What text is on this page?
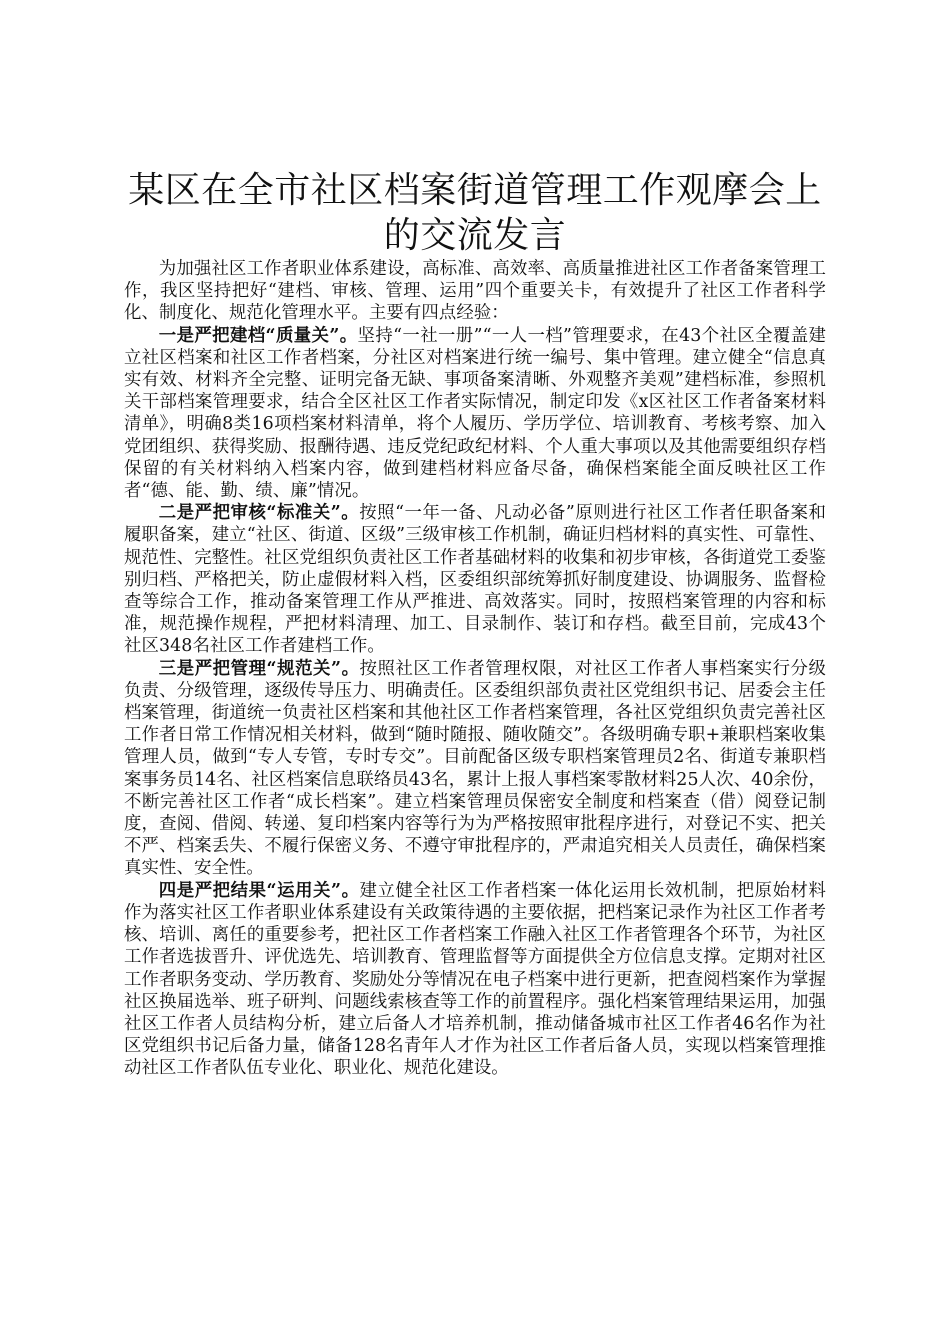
某区在全市社区档案街道管理工作观摩会上的交流发言

为加强社区工作者职业体系建设，高标准、高效率、高质量推进社区工作者备案管理工作，我区坚持把好“建档、审核、管理、运用”四个重要关卡，有效提升了社区工作者科学化、制度化、规范化管理水平。主要有四点经验：

一是严把建档“质量关”。坚持“一社一册”“一人一档”管理要求，在43个社区全覆盖建立社区档案和社区工作者档案，分社区对档案进行统一编号、集中管理。建立健全“信息真实有效、材料齐全完整、证明完备无缺、事项备案清晰、外观整齐美观”建档标准，参照机关干部档案管理要求，结合全区社区工作者实际情况，制定印发《x区社区工作者备案材料清单》，明确8类16项档案材料清单，将个人履历、学历学位、培训教育、考核考察、加入党团组织、获得奖励、报酬待遇、违反党纪政纪材料、个人重大事项以及其他需要组织存档保留的有关材料纳入档案内容，做到建档材料应备尽备，确保档案能全面反映社区工作者“德、能、勤、绩、廉”情况。

二是严把审核“标准关”。按照“一年一备、凡动必备”原则进行社区工作者任职备案和履职备案，建立“社区、街道、区级”三级审核工作机制，确证归档材料的真实性、可靠性、规范性、完整性。社区党组织负责社区工作者基础材料的收集和初步审核，各街道党工委鉴别归档、严格把关，防止虚假材料入档，区委组织部统筹抓好制度建设、协调服务、监督检查等综合工作，推动备案管理工作从严推进、高效落实。同时，按照档案管理的内容和标准，规范操作规程，严把材料清理、加工、目录制作、装订和存档。截至目前，完成43个社区348名社区工作者建档工作。

三是严把管理“规范关”。按照社区工作者管理权限，对社区工作者人事档案实行分级负责、分级管理，逐级传导压力、明确责任。区委组织部负责社区党组织书记、居委会主任档案管理，街道统一负责社区档案和其他社区工作者档案管理，各社区党组织负责完善社区工作者日常工作情况相关材料，做到“随时随报、随收随交”。各级明确专职+兼职档案收集管理人员，做到“专人专管，专时专交”。目前配备区级专职档案管理员2名、街道专兼职档案事务员14名、社区档案信息联络员43名，累计上报人事档案零散材料25人次、40余份，不断完善社区工作者“成长档案”。建立档案管理员保密安全制度和档案查（借）阅登记制度，查阅、借阅、转递、复印档案内容等行为为严格按照审批程序进行，对登记不实、把关不严、档案丢失、不履行保密义务、不遵守审批程序的，严肃追究相关人员责任，确保档案真实性、安全性。

四是严把结果“运用关”。建立健全社区工作者档案一体化运用长效机制，把原始材料作为落实社区工作者职业体系建设有关政策待遇的主要依据，把档案记录作为社区工作者考核、培训、离任的重要参考，把社区工作者档案工作融入社区工作者管理各个环节，为社区工作者选拔晋升、评优选先、培训教育、管理监督等方面提供全方位信息支撑。定期对社区工作者职务变动、学历教育、奖励处分等情况在电子档案中进行更新，把查阅档案作为掌握社区换届选举、班子研判、问题线索核查等工作的前置程序。强化档案管理结果运用，加强社区工作者人员结构分析，建立后备人才培养机制，推动储备城市社区工作者46名作为社区党组织书记后备力量，储备128名青年人才作为社区工作者后备人员，实现以档案管理推动社区工作者队伍专业化、职业化、规范化建设。
